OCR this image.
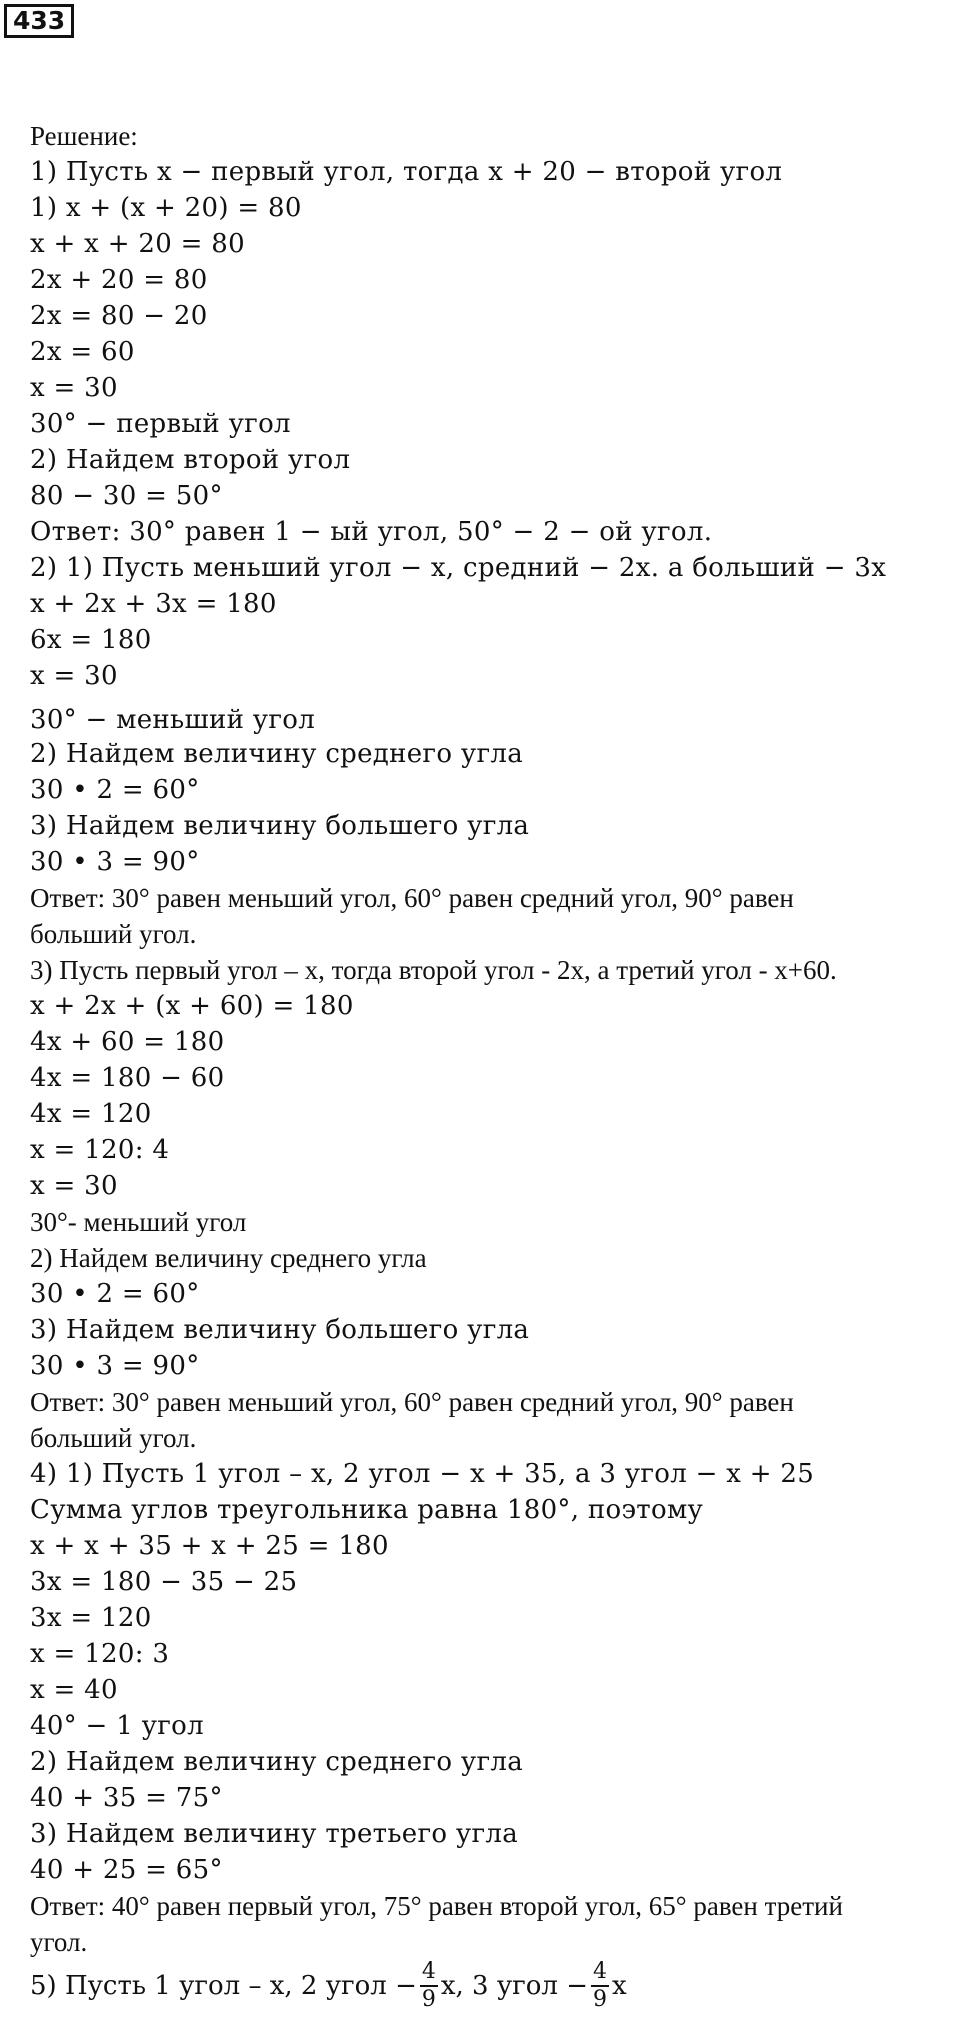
433
Решение:
1) Пусть x − первый угол, тогда x + 20 − второй угол
1) x + (x + 20) = 80
x + x + 20 = 80
2x + 20 = 80
2x = 80 − 20
2x = 60
x = 30
30° − первый угол
2) Найдем второй угол
80 − 30 = 50°
Ответ: 30° равен 1 − ый угол, 50° − 2 − ой угол.
2) 1) Пусть меньший угол − x, средний − 2x. а больший − 3x
x + 2x + 3x = 180
6x = 180
x = 30
30° − меньший угол
2) Найдем величину среднего угла
30 • 2 = 60°
3) Найдем величину большего угла
30 • 3 = 90°
Ответ: 30° равен меньший угол, 60° равен средний угол, 90° равен
больший угол.
3) Пусть первый угол – x, тогда второй угол - 2x, а третий угол - x+60.
x + 2x + (x + 60) = 180
4x + 60 = 180
4x = 180 − 60
4x = 120
x = 120: 4
x = 30
30°- меньший угол
2) Найдем величину среднего угла
30 • 2 = 60°
3) Найдем величину большего угла
30 • 3 = 90°
Ответ: 30° равен меньший угол, 60° равен средний угол, 90° равен
больший угол.
4) 1) Пусть 1 угол – x, 2 угол − x + 35, а 3 угол − x + 25
Сумма углов треугольника равна 180°, поэтому
x + x + 35 + x + 25 = 180
3x = 180 − 35 − 25
3x = 120
x = 120: 3
x = 40
40° − 1 угол
2) Найдем величину среднего угла
40 + 35 = 75°
3) Найдем величину третьего угла
40 + 25 = 65°
Ответ: 40° равен первый угол, 75° равен второй угол, 65° равен третий
угол.
5) Пусть 1 угол – x, 2 угол − $\frac{4}{9} x$, 3 угол − $\frac{4}{9}$ x
